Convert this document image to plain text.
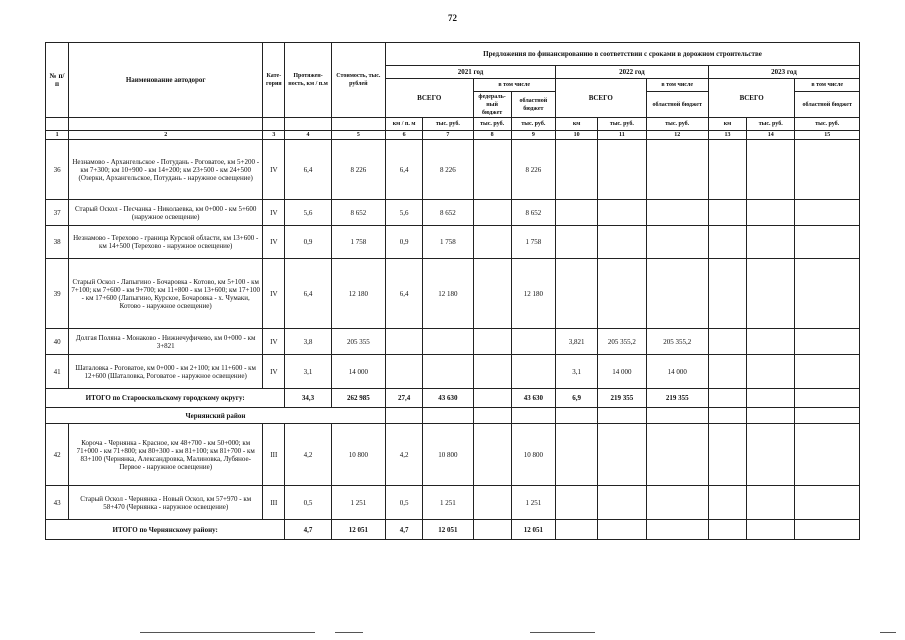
72
№ п/п	Наименование автодорог	Кате-гория	Протяжен-ность, км / п.м	Стоимость, тыс. рублей	Предложения по финансированию в соответствии с сроками в дорожном строительстве									
					2021 год				2022 год			2023 год		
					ВСЕГО		в том числе		ВСЕГО		в том числе	ВСЕГО		в том числе
							федераль-ный бюджет	областной бюджет			областной бюджет			областной бюджет
					км / п. м	тыс. руб.	тыс. руб.	тыс. руб.	км	тыс. руб.	тыс. руб.	км	тыс. руб.	тыс. руб.
1	2	3	4	5	6	7	8	9	10	11	12	13	14	15
36	Незнамово - Архангельское - Потудань - Роговатое, км 5+200 - км 7+300; км 10+900 - км 14+200; км 23+500 - км 24+500 (Озерки, Архангельское, Потудань - наружное освещение)	IV	6,4	8 226	6,4	8 226		8 226						
37	Старый Оскол - Песчанка - Николаевка, км 0+000 - км 5+600 (наружное освещение)	IV	5,6	8 652	5,6	8 652		8 652						
38	Незнамово - Терехово - граница Курской области, км 13+600 - км 14+500 (Терехово - наружное освещение)	IV	0,9	1 758	0,9	1 758		1 758						
39	Старый Оскол - Лапыгино - Бочаровка - Котово, км 5+100 - км 7+100; км 7+600 - км 9+700; км 11+800 - км 13+600; км 17+100 - км 17+600 (Лапыгино, Курское, Бочаровка - х. Чумаки, Котово - наружное освещение)	IV	6,4	12 180	6,4	12 180		12 180						
40	Долгая Поляна - Монаково - Нижнечуфичево, км 0+000 - км 3+821	IV	3,8	205 355					3,821	205 355,2	205 355,2			
41	Шаталовка - Роговатое, км 0+000 - км 2+100; км 11+600 - км 12+600 (Шаталовка, Роговатое - наружное освещение)	IV	3,1	14 000					3,1	14 000	14 000			
ИТОГО по Старооскольскому городскому округу:			34,3	262 985	27,4	43 630		43 630	6,9	219 355	219 355			
Чернянский район														
42	Короча - Чернянка - Красное, км 48+700 - км 50+000; км 71+000 - км 71+800; км 80+300 - км 81+100; км 81+700 - км 83+100 (Чернянка, Александровка, Малиновка, Лубяное-Первое - наружное освещение)	III	4,2	10 800	4,2	10 800		10 800						
43	Старый Оскол - Чернянка - Новый Оскол, км 57+970 - км 58+470 (Чернянка - наружное освещение)	III	0,5	1 251	0,5	1 251		1 251						
ИТОГО по Чернянскому району:			4,7	12 051	4,7	12 051		12 051						
